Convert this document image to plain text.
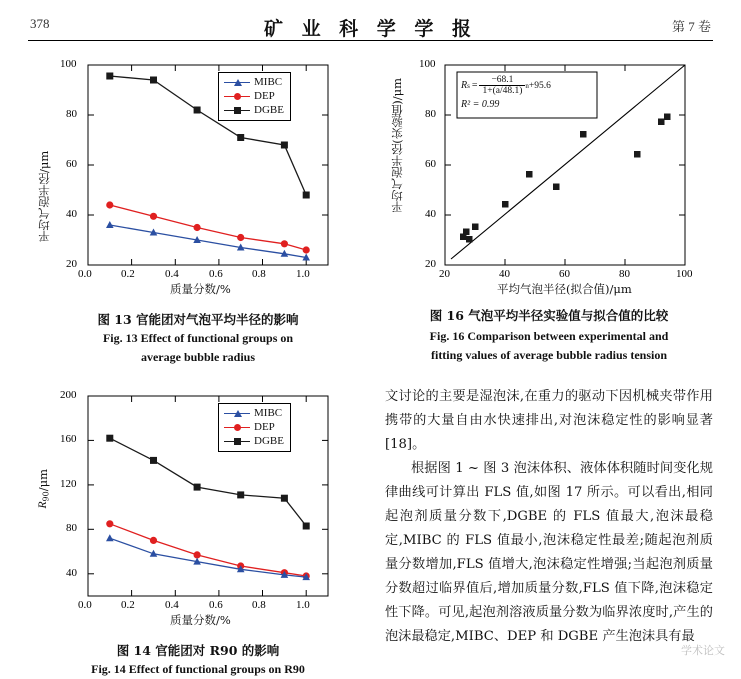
378	矿 业 科 学 学 报	第 7 卷
平均气泡半径/μm
20
40
60
80
100
0.0	0.2	0.4	0.6	0.8	1.0
质量分数/%
MIBC
DEP
DGBE
图 13 官能团对气泡平均半径的影响
Fig. 13 Effect of functional groups on
average bubble radius
$R_{90}/\mu m$
40
80
120
160
200
0.0	0.2	0.4	0.6	0.8	1.0
质量分数/%
MIBC
DEP
DGBE
图 14 官能团对 R90 的影响
Fig. 14 Effect of functional groups on R90
平均气泡半径(实验值)/μm	R $s = \frac{-68.1}{1+(a/48.1)}$ n +95.6
R² = 0.99
20
40
60
80
100
20	40	60	80	100
平均气泡半径(拟合值)/μm
图 16 气泡平均半径实验值与拟合值的比较
Fig. 16 Comparison between experimental and
fitting values of average bubble radius tension

文讨论的主要是湿泡沫,在重力的驱动下因机械夹带作用携带的大量自由水快速排出,对泡沫稳定性的影响显著[18]。

根据图 1 ~ 图 3 泡沫体积、液体体积随时间变化规律曲线可计算出 FLS 值,如图 17 所示。可以看出,相同起泡剂质量分数下,DGBE 的 FLS 值最大,泡沫最稳定,MIBC 的 FLS 值最小,泡沫稳定性最差;随起泡剂质量分数增加,FLS 值增大,泡沫稳定性增强;当起泡剂质量分数超过临界值后,增加质量分数,FLS 值下降,泡沫稳定性下降。可见,起泡剂溶液质量分数为临界浓度时,产生的泡沫最稳定,MIBC、DEP 和 DGBE 产生泡沫具有最

学术论文
